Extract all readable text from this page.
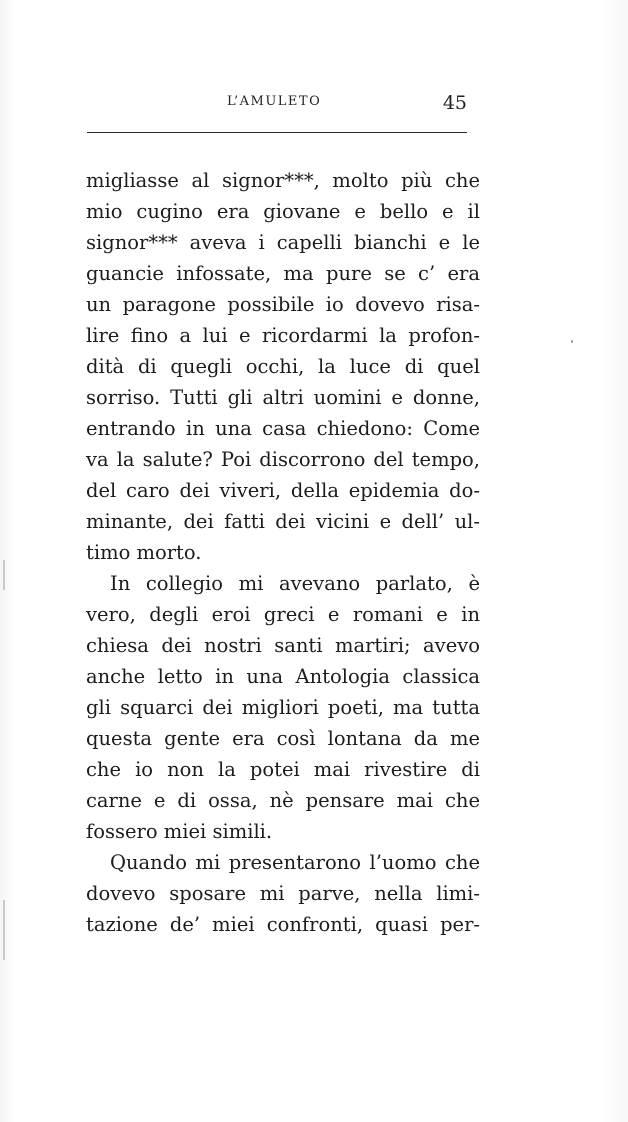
L’AMULETO	45
migliasse al signor***, molto più che
mio cugino era giovane e bello e il
signor*** aveva i capelli bianchi e le
guancie infossate, ma pure se c’ era
un paragone possibile io dovevo risa-
lire fino a lui e ricordarmi la profon-
dità di quegli occhi, la luce di quel
sorriso. Tutti gli altri uomini e donne,
entrando in una casa chiedono: Come
va la salute? Poi discorrono del tempo,
del caro dei viveri, della epidemia do-
minante, dei fatti dei vicini e dell’ ul-
timo morto.
In collegio mi avevano parlato, è
vero, degli eroi greci e romani e in
chiesa dei nostri santi martiri; avevo
anche letto in una Antologia classica
gli squarci dei migliori poeti, ma tutta
questa gente era così lontana da me
che io non la potei mai rivestire di
carne e di ossa, nè pensare mai che
fossero miei simili.
Quando mi presentarono l’uomo che
dovevo sposare mi parve, nella limi-
tazione de’ miei confronti, quasi per-
